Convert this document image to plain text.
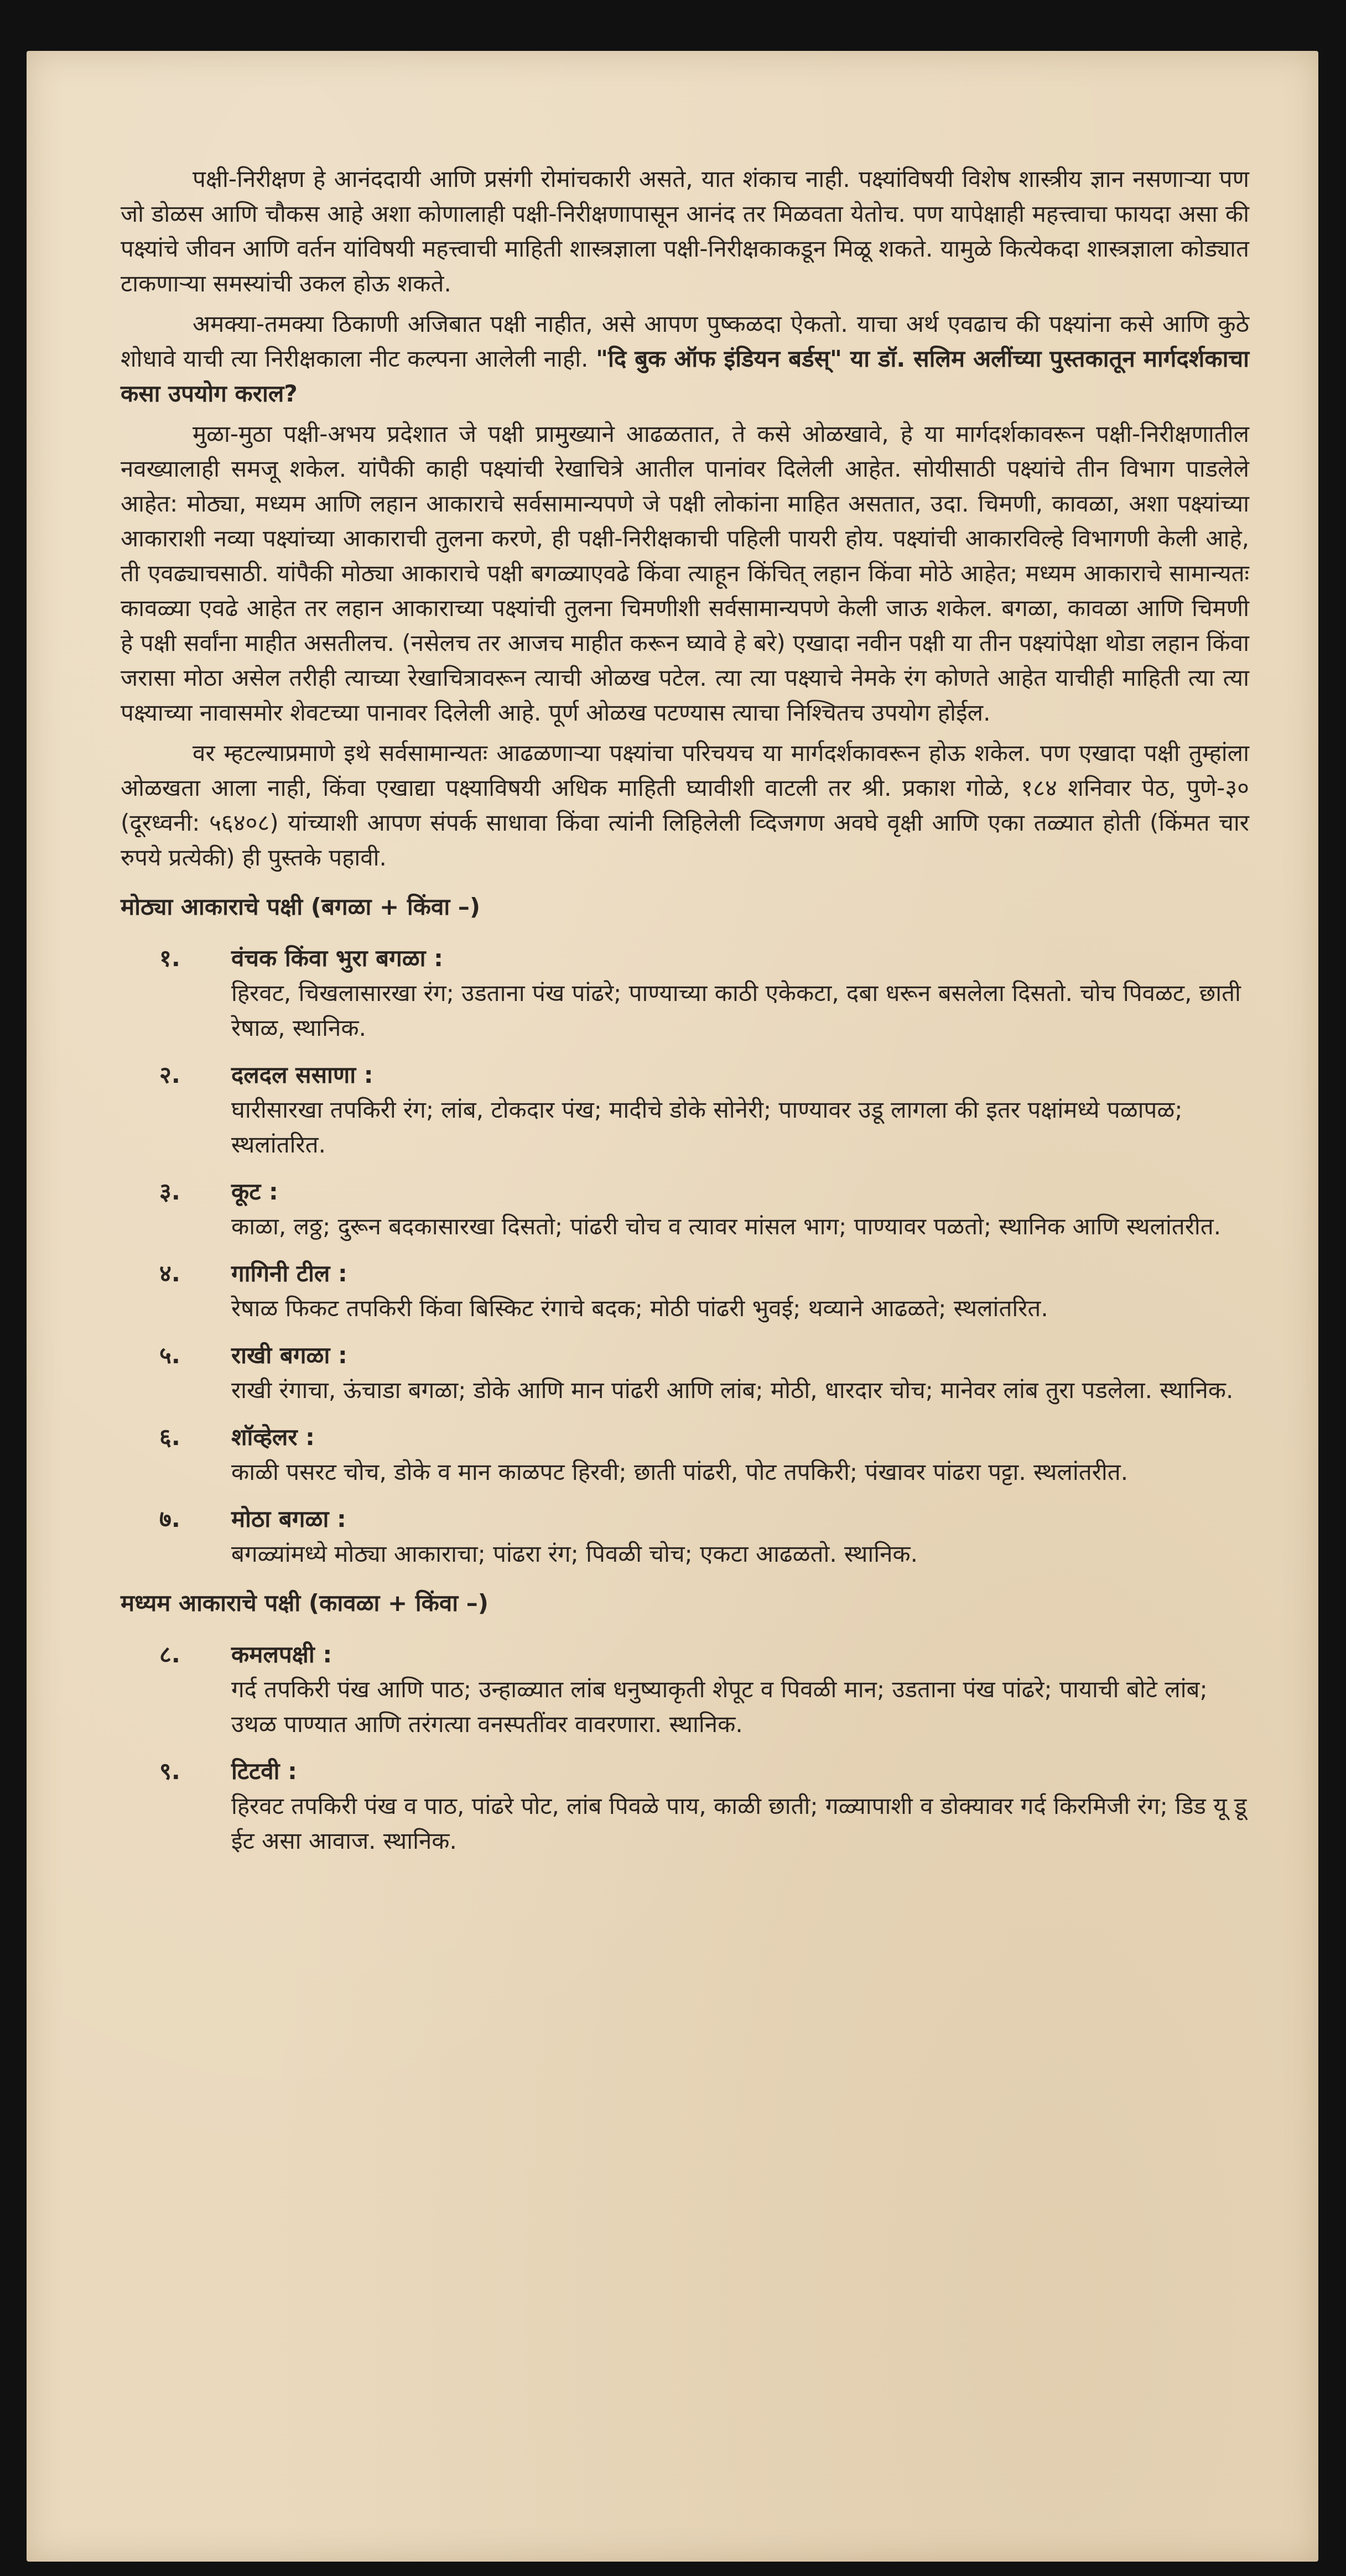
पक्षी-निरीक्षण हे आनंददायी आणि प्रसंगी रोमांचकारी असते, यात शंकाच नाही. पक्ष्यांविषयी विशेष शास्त्रीय ज्ञान नसणाऱ्या पण जो डोळस आणि चौकस आहे अशा कोणालाही पक्षी-निरीक्षणापासून आनंद तर मिळवता येतोच. पण यापेक्षाही महत्त्वाचा फायदा असा की पक्ष्यांचे जीवन आणि वर्तन यांविषयी महत्त्वाची माहिती शास्त्रज्ञाला पक्षी-निरीक्षकाकडून मिळू शकते. यामुळे कित्येकदा शास्त्रज्ञाला कोड्यात टाकणाऱ्या समस्यांची उकल होऊ शकते.

अमक्या-तमक्या ठिकाणी अजिबात पक्षी नाहीत, असे आपण पुष्कळदा ऐकतो. याचा अर्थ एवढाच की पक्ष्यांना कसे आणि कुठे शोधावे याची त्या निरीक्षकाला नीट कल्पना आलेली नाही. "दि बुक ऑफ इंडियन बर्डस्" या डॉ. सलिम अलींच्या पुस्तकातून मार्गदर्शकाचा कसा उपयोग कराल?

मुळा-मुठा पक्षी-अभय प्रदेशात जे पक्षी प्रामुख्याने आढळतात, ते कसे ओळखावे, हे या मार्गदर्शकावरून पक्षी-निरीक्षणातील नवख्यालाही समजू शकेल. यांपैकी काही पक्ष्यांची रेखाचित्रे आतील पानांवर दिलेली आहेत. सोयीसाठी पक्ष्यांचे तीन विभाग पाडलेले आहेत: मोठ्या, मध्यम आणि लहान आकाराचे सर्वसामान्यपणे जे पक्षी लोकांना माहित असतात, उदा. चिमणी, कावळा, अशा पक्ष्यांच्या आकाराशी नव्या पक्ष्यांच्या आकाराची तुलना करणे, ही पक्षी-निरीक्षकाची पहिली पायरी होय. पक्ष्यांची आकारविल्हे विभागणी केली आहे, ती एवढ्याचसाठी. यांपैकी मोठ्या आकाराचे पक्षी बगळ्याएवढे किंवा त्याहून किंचित् लहान किंवा मोठे आहेत; मध्यम आकाराचे सामान्यतः कावळ्या एवढे आहेत तर लहान आकाराच्या पक्ष्यांची तुलना चिमणीशी सर्वसामान्यपणे केली जाऊ शकेल. बगळा, कावळा आणि चिमणी हे पक्षी सर्वांना माहीत असतीलच. (नसेलच तर आजच माहीत करून घ्यावे हे बरे) एखादा नवीन पक्षी या तीन पक्ष्यांपेक्षा थोडा लहान किंवा जरासा मोठा असेल तरीही त्याच्या रेखाचित्रावरून त्याची ओळख पटेल. त्या त्या पक्ष्याचे नेमके रंग कोणते आहेत याचीही माहिती त्या त्या पक्ष्याच्या नावासमोर शेवटच्या पानावर दिलेली आहे. पूर्ण ओळख पटण्यास त्याचा निश्चितच उपयोग होईल.

वर म्हटल्याप्रमाणे इथे सर्वसामान्यतः आढळणाऱ्या पक्ष्यांचा परिचयच या मार्गदर्शकावरून होऊ शकेल. पण एखादा पक्षी तुम्हांला ओळखता आला नाही, किंवा एखाद्या पक्ष्याविषयी अधिक माहिती घ्यावीशी वाटली तर श्री. प्रकाश गोळे, १८४ शनिवार पेठ, पुणे-३० (दूरध्वनी: ५६४०८) यांच्याशी आपण संपर्क साधावा किंवा त्यांनी लिहिलेली व्दिजगण अवघे वृक्षी आणि एका तळ्यात होती (किंमत चार रुपये प्रत्येकी) ही पुस्तके पहावी.

मोठ्या आकाराचे पक्षी (बगळा + किंवा –)
१.	वंचक किंवा भुरा बगळा :
हिरवट, चिखलासारखा रंग; उडताना पंख पांढरे; पाण्याच्या काठी एकेकटा, दबा धरून बसलेला दिसतो. चोच पिवळट, छाती रेषाळ, स्थानिक.
२.	दलदल ससाणा :
घारीसारखा तपकिरी रंग; लांब, टोकदार पंख; मादीचे डोके सोनेरी; पाण्यावर उडू लागला की इतर पक्षांमध्ये पळापळ; स्थलांतरित.
३.	कूट :
काळा, लठ्ठ; दुरून बदकासारखा दिसतो; पांढरी चोच व त्यावर मांसल भाग; पाण्यावर पळतो; स्थानिक आणि स्थलांतरीत.
४.	गागिनी टील :
रेषाळ फिकट तपकिरी किंवा बिस्किट रंगाचे बदक; मोठी पांढरी भुवई; थव्याने आढळते; स्थलांतरित.
५.	राखी बगळा :
राखी रंगाचा, ऊंचाडा बगळा; डोके आणि मान पांढरी आणि लांब; मोठी, धारदार चोच; मानेवर लांब तुरा पडलेला. स्थानिक.
६.	शॉव्हेलर :
काळी पसरट चोच, डोके व मान काळपट हिरवी; छाती पांढरी, पोट तपकिरी; पंखावर पांढरा पट्टा. स्थलांतरीत.
७.	मोठा बगळा :
बगळ्यांमध्ये मोठ्या आकाराचा; पांढरा रंग; पिवळी चोच; एकटा आढळतो. स्थानिक.
मध्यम आकाराचे पक्षी (कावळा + किंवा –)
८.	कमलपक्षी :
गर्द तपकिरी पंख आणि पाठ; उन्हाळ्यात लांब धनुष्याकृती शेपूट व पिवळी मान; उडताना पंख पांढरे; पायाची बोटे लांब; उथळ पाण्यात आणि तरंगत्या वनस्पतींवर वावरणारा. स्थानिक.
९.	टिटवी :
हिरवट तपकिरी पंख व पाठ, पांढरे पोट, लांब पिवळे पाय, काळी छाती; गळ्यापाशी व डोक्यावर गर्द किरमिजी रंग; डिड यू डू ईट असा आवाज. स्थानिक.
